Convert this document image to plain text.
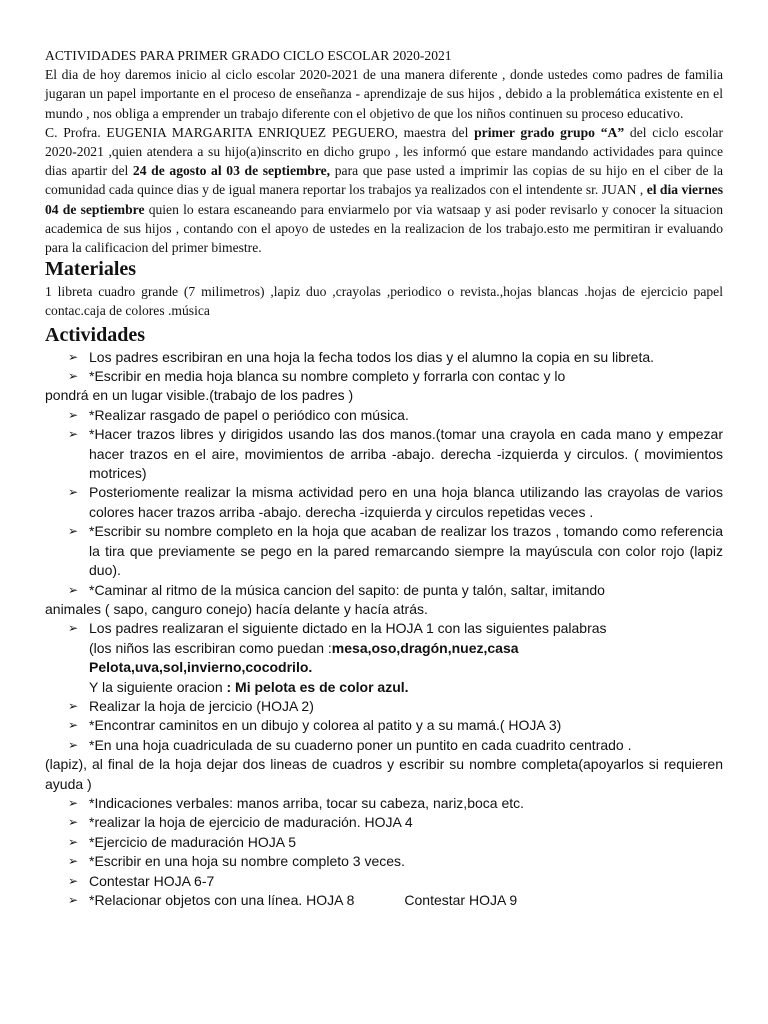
ACTIVIDADES PARA PRIMER GRADO CICLO ESCOLAR 2020-2021

El dia de hoy daremos inicio al ciclo escolar 2020-2021 de una manera diferente , donde ustedes como padres de familia jugaran un papel importante en el proceso de enseñanza - aprendizaje de sus hijos , debido a la problemática existente en el mundo , nos obliga a emprender un trabajo diferente con el objetivo de que los niños continuen su proceso educativo.

C. Profra. EUGENIA MARGARITA ENRIQUEZ PEGUERO, maestra del primer grado grupo “A” del ciclo escolar 2020-2021 ,quien atendera a su hijo(a)inscrito en dicho grupo , les informó que estare mandando actividades para quince dias apartir del 24 de agosto al 03 de septiembre, para que pase usted a imprimir las copias de su hijo en el ciber de la comunidad cada quince dias y de igual manera reportar los trabajos ya realizados con el intendente sr. JUAN , el dia viernes 04 de septiembre quien lo estara escaneando para enviarmelo por via watsaap y asi poder revisarlo y conocer la situacion academica de sus hijos , contando con el apoyo de ustedes en la realizacion de los trabajo.esto me permitiran ir evaluando para la calificacion del primer bimestre.

Materiales

1 libreta cuadro grande (7 milimetros) ,lapiz duo ,crayolas ,periodico o revista.,hojas blancas .hojas de ejercicio papel contac.caja de colores .música

Actividades
➢ Los padres escribiran en una hoja la fecha todos los dias y el alumno la copia en su libreta.
➢ *Escribir en media hoja blanca su nombre completo y forrarla con contac y lo
pondrá en un lugar visible.(trabajo de los padres )
➢ *Realizar rasgado de papel o periódico con música.
➢ *Hacer trazos libres y dirigidos usando las dos manos.(tomar una crayola en cada mano y empezar hacer trazos en el aire, movimientos de arriba -abajo. derecha -izquierda y circulos. ( movimientos motrices)
➢ Posteriomente realizar la misma actividad pero en una hoja blanca utilizando las crayolas de varios colores hacer trazos arriba -abajo. derecha -izquierda y circulos repetidas veces .
➢ *Escribir su nombre completo en la hoja que acaban de realizar los trazos , tomando como referencia la tira que previamente se pego en la pared remarcando siempre la mayúscula con color rojo (lapiz duo).
➢ *Caminar al ritmo de la música cancion del sapito: de punta y talón, saltar, imitando
animales ( sapo, canguro conejo) hacía delante y hacía atrás.
➢ Los padres realizaran el siguiente dictado en la HOJA 1 con las siguientes palabras
(los niños las escribiran como puedan :mesa,oso,dragón,nuez,casa Pelota,uva,sol,invierno,cocodrilo.
Y la siguiente oracion : Mi pelota es de color azul.
➢ Realizar la hoja de jercicio (HOJA 2)
➢ *Encontrar caminitos en un dibujo y colorea al patito y a su mamá.( HOJA 3)
➢ *En una hoja cuadriculada de su cuaderno poner un puntito en cada cuadrito centrado .
(lapiz), al final de la hoja dejar dos lineas de cuadros y escribir su nombre completa(apoyarlos si requieren ayuda )
➢ *Indicaciones verbales: manos arriba, tocar su cabeza, nariz,boca etc.
➢ *realizar la hoja de ejercicio de maduración. HOJA 4
➢ *Ejercicio de maduración HOJA 5
➢ *Escribir en una hoja su nombre completo 3 veces.
➢ Contestar HOJA 6-7
➢ *Relacionar objetos con una línea. HOJA 8	Contestar HOJA 9
